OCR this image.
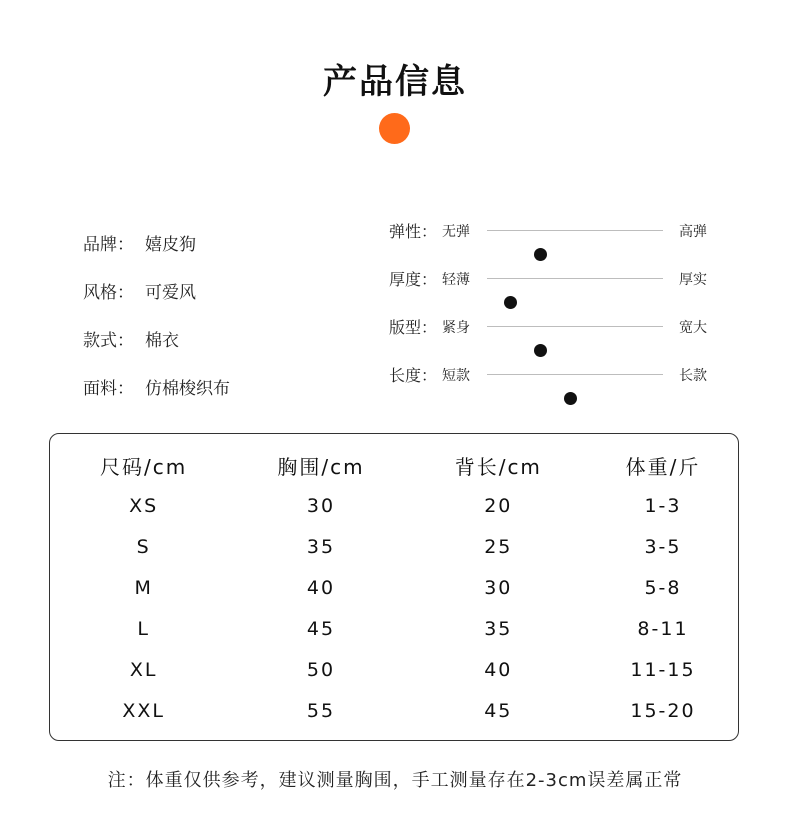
产品信息
品牌： 嬉皮狗
风格： 可爱风
款式： 棉衣
面料： 仿棉梭织布
弹性： 无弹	高弹
厚度： 轻薄	厚实
版型： 紧身	宽大
长度： 短款	长款
尺码/cm	胸围/cm	背长/cm	体重/斤
XS	30	20	1-3
S	35	25	3-5
M	40	30	5-8
L	45	35	8-11
XL	50	40	11-15
XXL	55	45	15-20
注：体重仅供参考，建议测量胸围，手工测量存在2-3cm误差属正常
